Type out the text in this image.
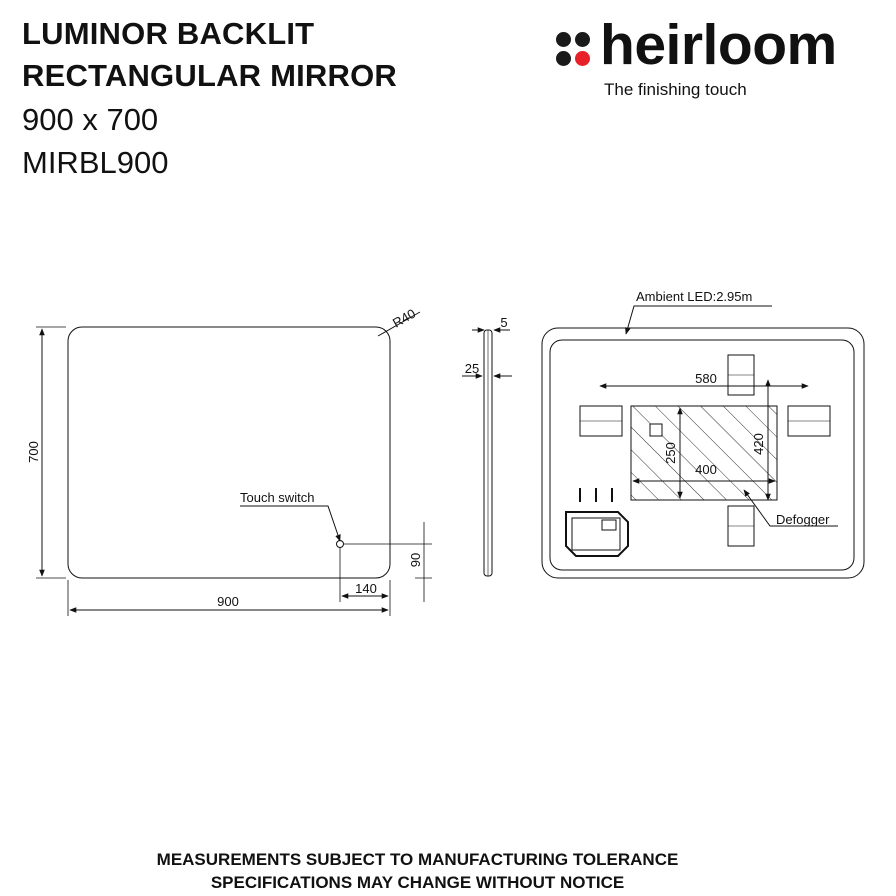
LUMINOR BACKLIT
RECTANGULAR MIRROR
900 x 700
MIRBL900
heirloom
The finishing touch
700
900
R40
Touch switch
140
90
5
25
Ambient LED:2.95m
580
400
250	420
Defogger
MEASUREMENTS SUBJECT TO MANUFACTURING TOLERANCE
SPECIFICATIONS MAY CHANGE WITHOUT NOTICE
